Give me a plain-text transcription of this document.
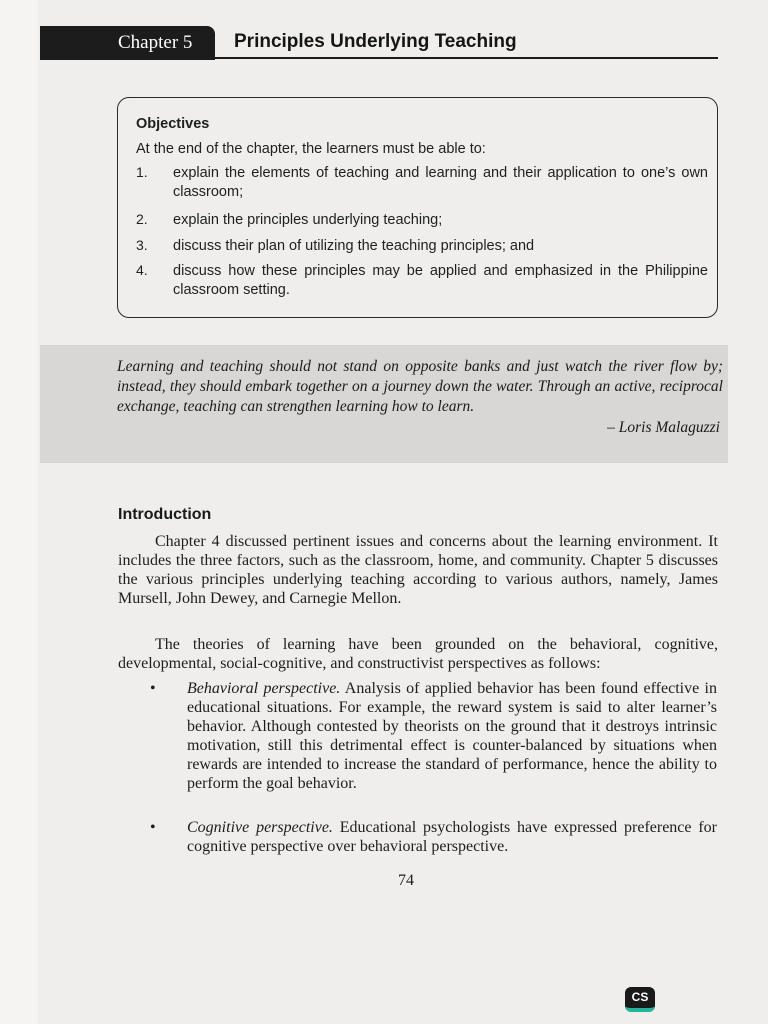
Chapter 5	Principles Underlying Teaching
Objectives
At the end of the chapter, the learners must be able to:
1. explain the elements of teaching and learning and their application to one’s own classroom;
2. explain the principles underlying teaching;
3. discuss their plan of utilizing the teaching principles; and
4. discuss how these principles may be applied and emphasized in the Philippine classroom setting.
Learning and teaching should not stand on opposite banks and just watch the river flow by; instead, they should embark together on a journey down the water. Through an active, reciprocal exchange, teaching can strengthen learning how to learn.
– Loris Malaguzzi
Introduction
Chapter 4 discussed pertinent issues and concerns about the learning environment. It includes the three factors, such as the classroom, home, and community. Chapter 5 discusses the various principles underlying teaching according to various authors, namely, James Mursell, John Dewey, and Carnegie Mellon.
The theories of learning have been grounded on the behavioral, cognitive, developmental, social-cognitive, and constructivist perspectives as follows:
• Behavioral perspective. Analysis of applied behavior has been found effective in educational situations. For example, the reward system is said to alter learner’s behavior. Although contested by theorists on the ground that it destroys intrinsic motivation, still this detrimental effect is counter-balanced by situations when rewards are intended to increase the standard of performance, hence the ability to perform the goal behavior.
• Cognitive perspective. Educational psychologists have expressed preference for cognitive perspective over behavioral perspective.
74
CS
